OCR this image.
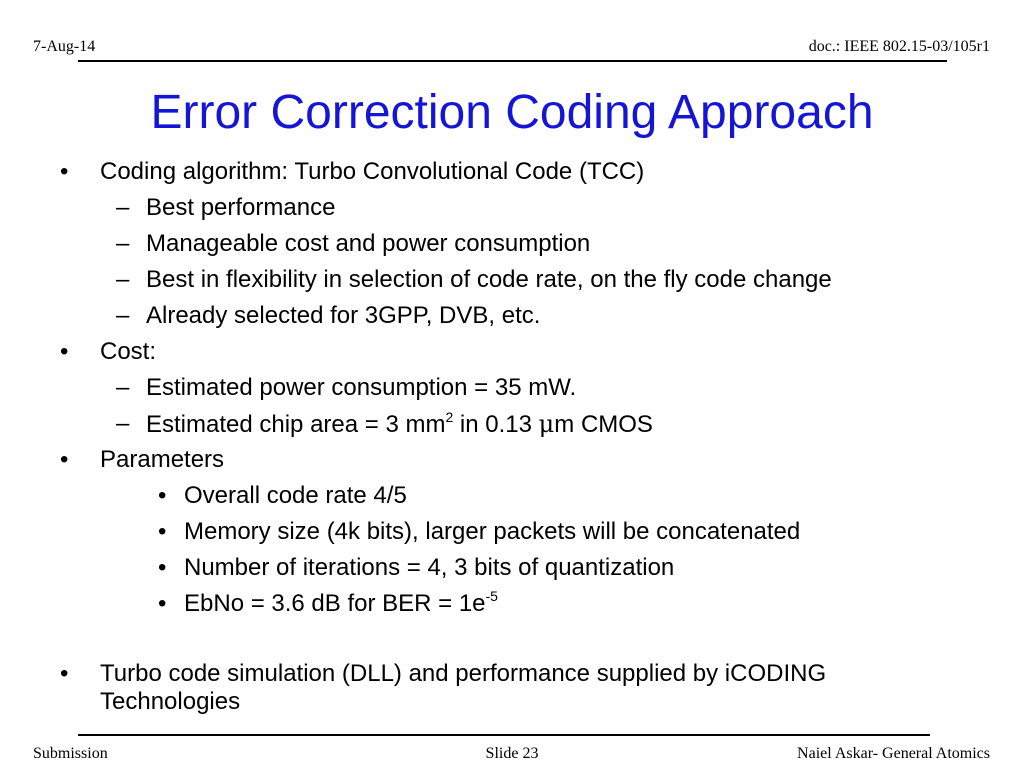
7-Aug-14	doc.: IEEE 802.15-03/105r1
Error Correction Coding Approach
• Coding algorithm: Turbo Convolutional Code (TCC)
– Best performance
– Manageable cost and power consumption
– Best in flexibility in selection of code rate, on the fly code change
– Already selected for 3GPP, DVB, etc.
• Cost:
– Estimated power consumption = 35 mW.
– Estimated chip area = 3 $mm^2$ in 0.13 μm CMOS
• Parameters
• Overall code rate 4/5
• Memory size (4k bits), larger packets will be concatenated
• Number of iterations = 4, 3 bits of quantization
• EbNo = 3.6 dB for BER = $1e^{-5}$
• Turbo code simulation (DLL) and performance supplied by iCODING
Technologies
Submission	Slide 23	Naiel Askar- General Atomics
